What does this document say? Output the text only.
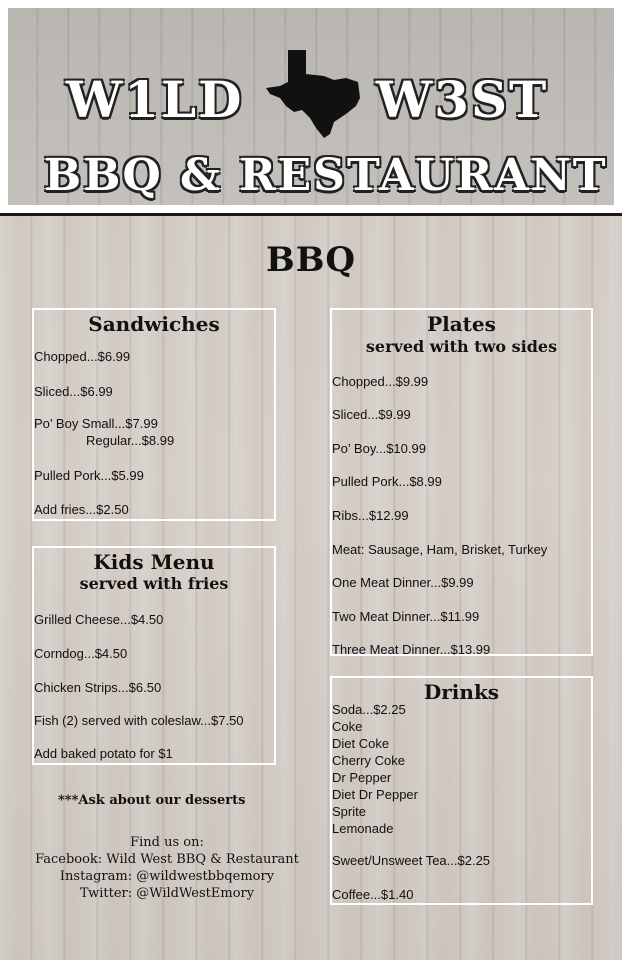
W1LD	W3ST
BBQ & RESTAURANT
BBQ
Sandwiches
Chopped...$6.99
Sliced...$6.99
Po’ Boy Small...$7.99
Regular...$8.99
Pulled Pork...$5.99
Add fries...$2.50
Kids Menu
served with fries
Grilled Cheese...$4.50
Corndog...$4.50
Chicken Strips...$6.50
Fish (2) served with coleslaw...$7.50
Add baked potato for $1
***Ask about our desserts
Find us on:
Facebook: Wild West BBQ & Restaurant
Instagram: @wildwestbbqemory
Twitter: @WildWestEmory
Plates
served with two sides
Chopped...$9.99
Sliced...$9.99
Po’ Boy...$10.99
Pulled Pork...$8.99
Ribs...$12.99
Meat: Sausage, Ham, Brisket, Turkey
One Meat Dinner...$9.99
Two Meat Dinner...$11.99
Three Meat Dinner...$13.99
Drinks
Soda...$2.25
Coke
Diet Coke
Cherry Coke
Dr Pepper
Diet Dr Pepper
Sprite
Lemonade
Sweet/Unsweet Tea...$2.25
Coffee...$1.40
